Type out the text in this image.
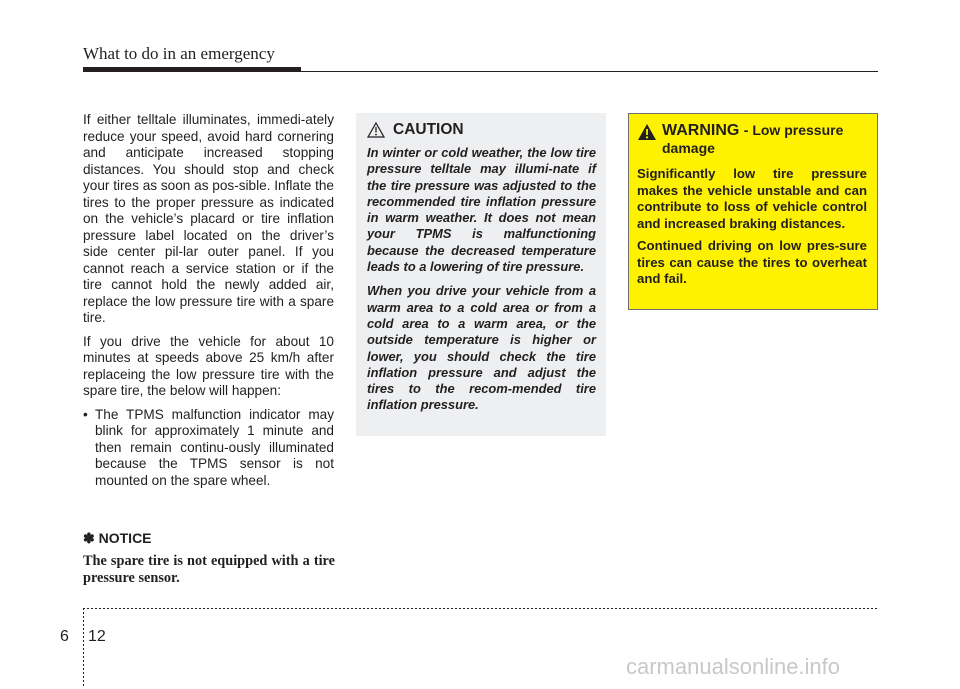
What to do in an emergency

If either telltale illuminates, immedi-ately reduce your speed, avoid hard cornering and anticipate increased stopping distances. You should stop and check your tires as soon as pos-sible. Inflate the tires to the proper pressure as indicated on the vehicle’s placard or tire inflation pressure label located on the driver’s side center pil-lar outer panel. If you cannot reach a service station or if the tire cannot hold the newly added air, replace the low pressure tire with a spare tire.

If you drive the vehicle for about 10 minutes at speeds above 25 km/h after replaceing the low pressure tire with the spare tire, the below will happen:

• The TPMS malfunction indicator may blink for approximately 1 minute and then remain continu-ously illuminated because the TPMS sensor is not mounted on the spare wheel.
✽ NOTICE
The spare tire is not equipped with a tire pressure sensor.
CAUTION

In winter or cold weather, the low tire pressure telltale may illumi-nate if the tire pressure was adjusted to the recommended tire inflation pressure in warm weather. It does not mean your TPMS is malfunctioning because the decreased temperature leads to a lowering of tire pressure.

When you drive your vehicle from a warm area to a cold area or from a cold area to a warm area, or the outside temperature is higher or lower, you should check the tire inflation pressure and adjust the tires to the recom-mended tire inflation pressure.

WARNING - Low pressure damage

Significantly low tire pressure makes the vehicle unstable and can contribute to loss of vehicle control and increased braking distances.

Continued driving on low pres-sure tires can cause the tires to overheat and fail.

6 12
carmanualsonline.info
